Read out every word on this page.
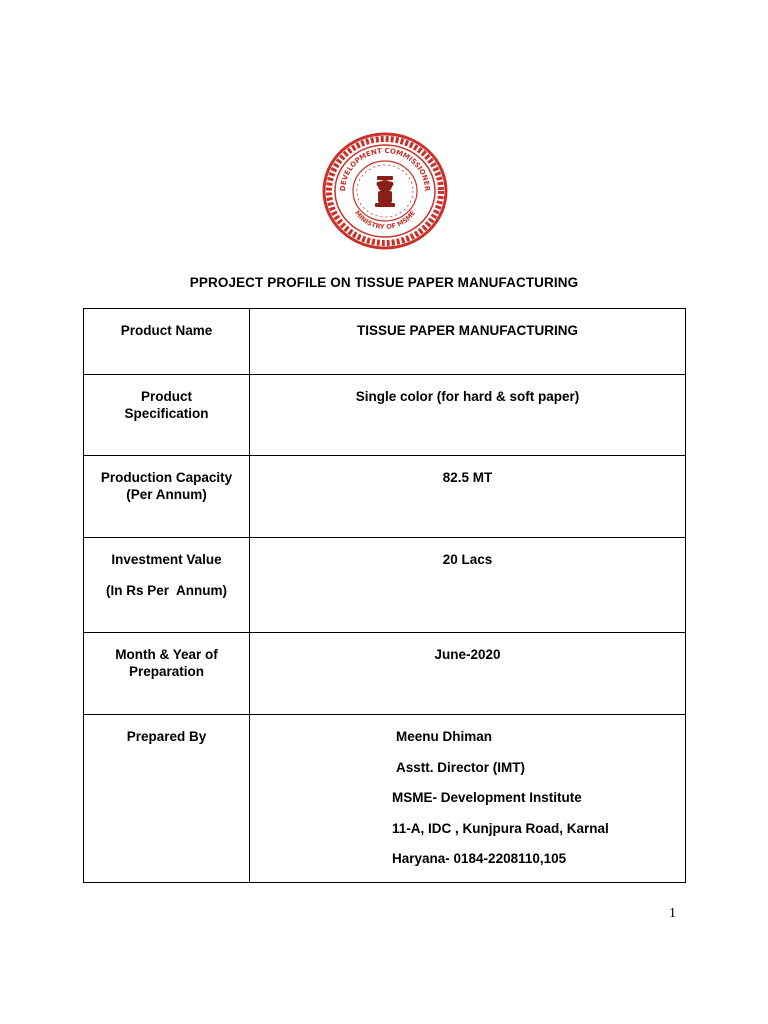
DEVELOPMENT COMMISSIONER
MINISTRY OF MSME
PPROJECT PROFILE ON TISSUE PAPER MANUFACTURING
Product Name	TISSUE PAPER MANUFACTURING

Product
Specification	Single color (for hard & soft paper)

Production Capacity
(Per Annum)	82.5 MT

Investment Value
(In Rs Per  Annum)	20 Lacs

Month & Year of
Preparation	June-2020
Prepared By	Meenu Dhiman
Asstt. Director (IMT)
MSME- Development Institute
11-A, IDC , Kunjpura Road, Karnal
Haryana- 0184-2208110,105
1
